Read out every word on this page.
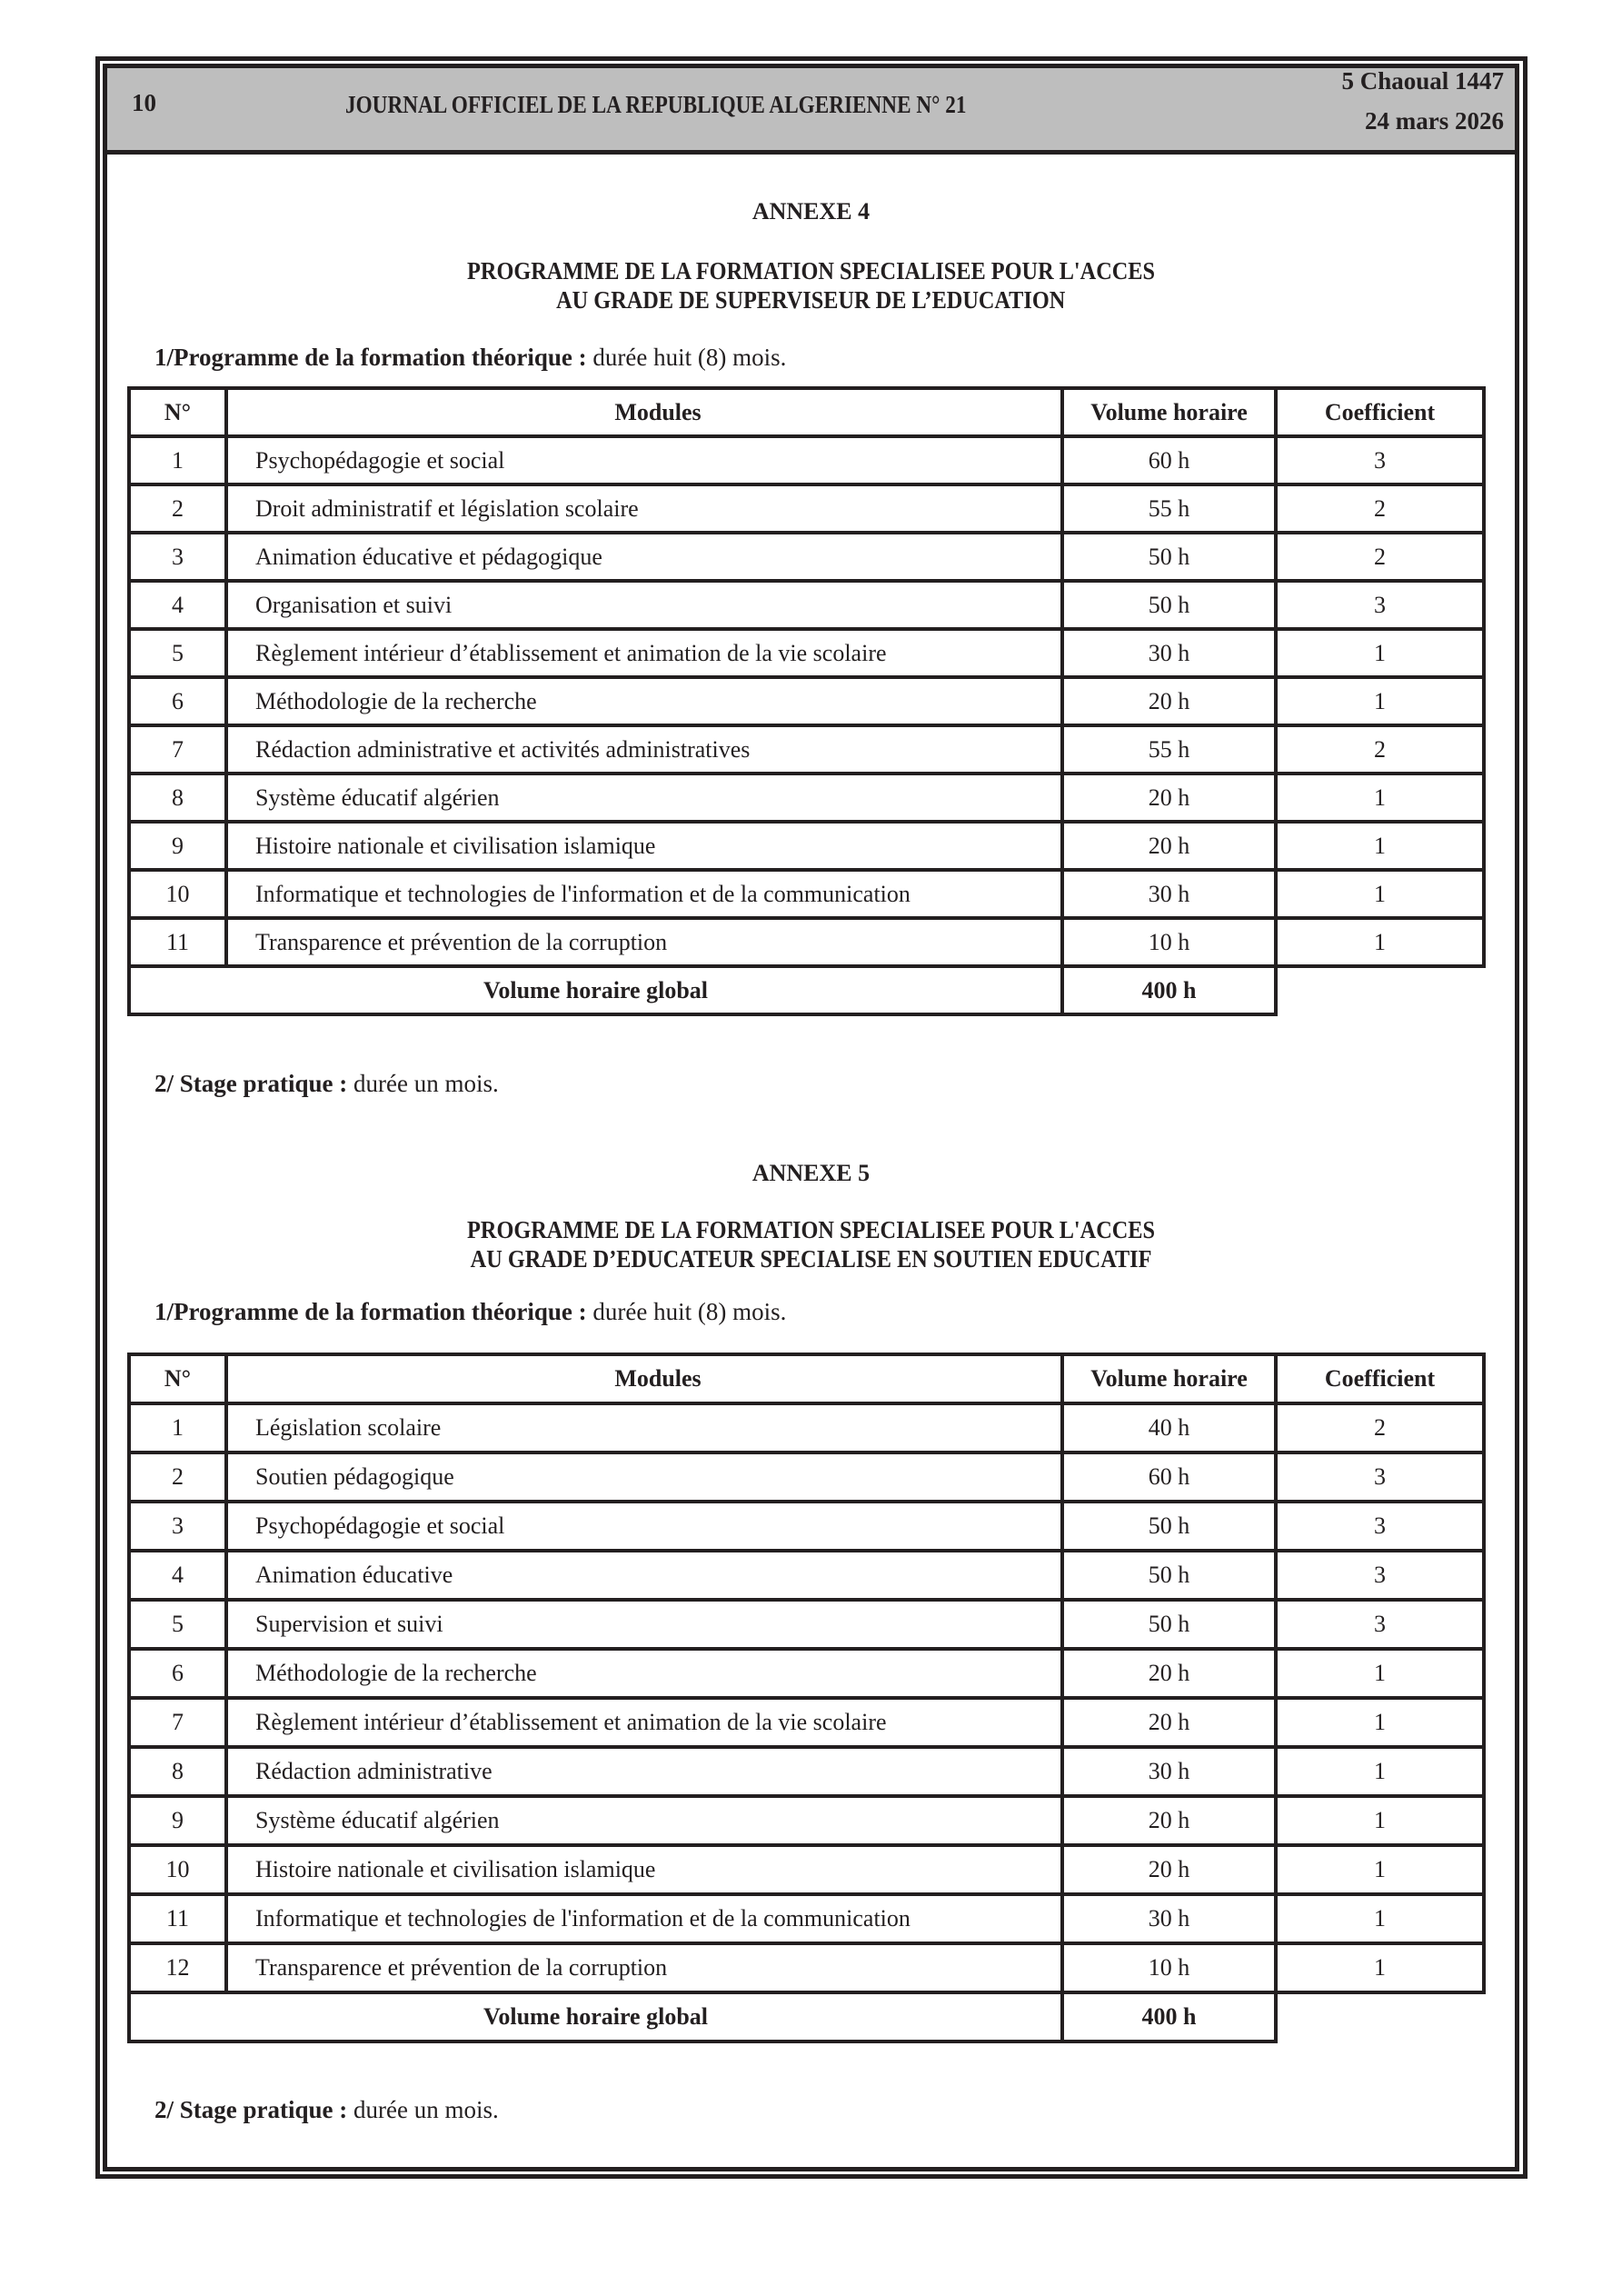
10	JOURNAL OFFICIEL DE LA REPUBLIQUE ALGERIENNE N° 21
5 Chaoual 1447
24 mars 2026
ANNEXE 4
PROGRAMME DE LA FORMATION SPECIALISEE POUR L'ACCES
AU GRADE DE SUPERVISEUR DE L’EDUCATION
1/Programme de la formation théorique : durée huit (8) mois.
N°	Modules	Volume horaire	Coefficient
1	Psychopédagogie et social	60 h	3
2	Droit administratif et législation scolaire	55 h	2
3	Animation éducative et pédagogique	50 h	2
4	Organisation et suivi	50 h	3
5	Règlement intérieur d’établissement et animation de la vie scolaire	30 h	1
6	Méthodologie de la recherche	20 h	1
7	Rédaction administrative et activités administratives	55 h	2
8	Système éducatif algérien	20 h	1
9	Histoire nationale et civilisation islamique	20 h	1
10	Informatique et technologies de l'information et de la communication	30 h	1
11	Transparence et prévention de la corruption	10 h	1
Volume horaire global		400 h	
2/ Stage pratique : durée un mois.
ANNEXE 5
PROGRAMME DE LA FORMATION SPECIALISEE POUR L'ACCES
AU GRADE D’EDUCATEUR SPECIALISE EN SOUTIEN EDUCATIF
1/Programme de la formation théorique : durée huit (8) mois.
N°	Modules	Volume horaire	Coefficient
1	Législation scolaire	40 h	2
2	Soutien pédagogique	60 h	3
3	Psychopédagogie et social	50 h	3
4	Animation éducative	50 h	3
5	Supervision et suivi	50 h	3
6	Méthodologie de la recherche	20 h	1
7	Règlement intérieur d’établissement et animation de la vie scolaire	20 h	1
8	Rédaction administrative	30 h	1
9	Système éducatif algérien	20 h	1
10	Histoire nationale et civilisation islamique	20 h	1
11	Informatique et technologies de l'information et de la communication	30 h	1
12	Transparence et prévention de la corruption	10 h	1
Volume horaire global		400 h	
2/ Stage pratique : durée un mois.
